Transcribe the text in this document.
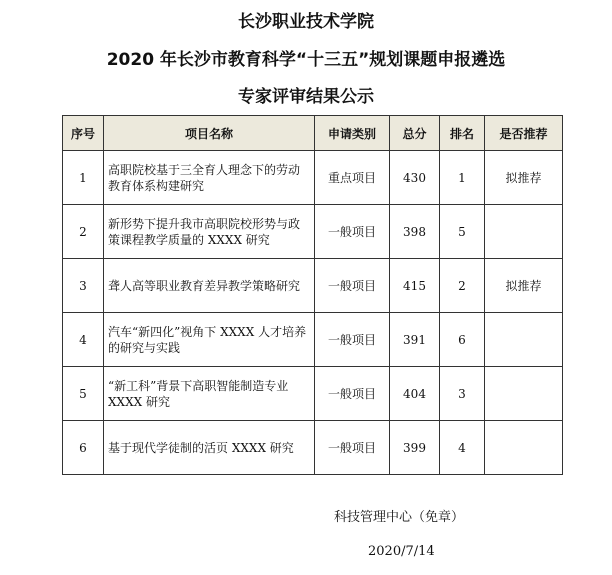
长沙职业技术学院
2020 年长沙市教育科学“十三五”规划课题申报遴选
专家评审结果公示
序号	项目名称	申请类别	总分	排名	是否推荐
1	高职院校基于三全育人理念下的劳动教育体系构建研究	重点项目	430	1	拟推荐
2	新形势下提升我市高职院校形势与政策课程教学质量的 XXXX 研究	一般项目	398	5	
3	聋人高等职业教育差异教学策略研究	一般项目	415	2	拟推荐
4	汽车“新四化”视角下 XXXX 人才培养的研究与实践	一般项目	391	6	
5	“新工科”背景下高职智能制造专业 XXXX 研究	一般项目	404	3	
6	基于现代学徒制的活页 XXXX 研究	一般项目	399	4	
科技管理中心（免章）
2020/7/14
